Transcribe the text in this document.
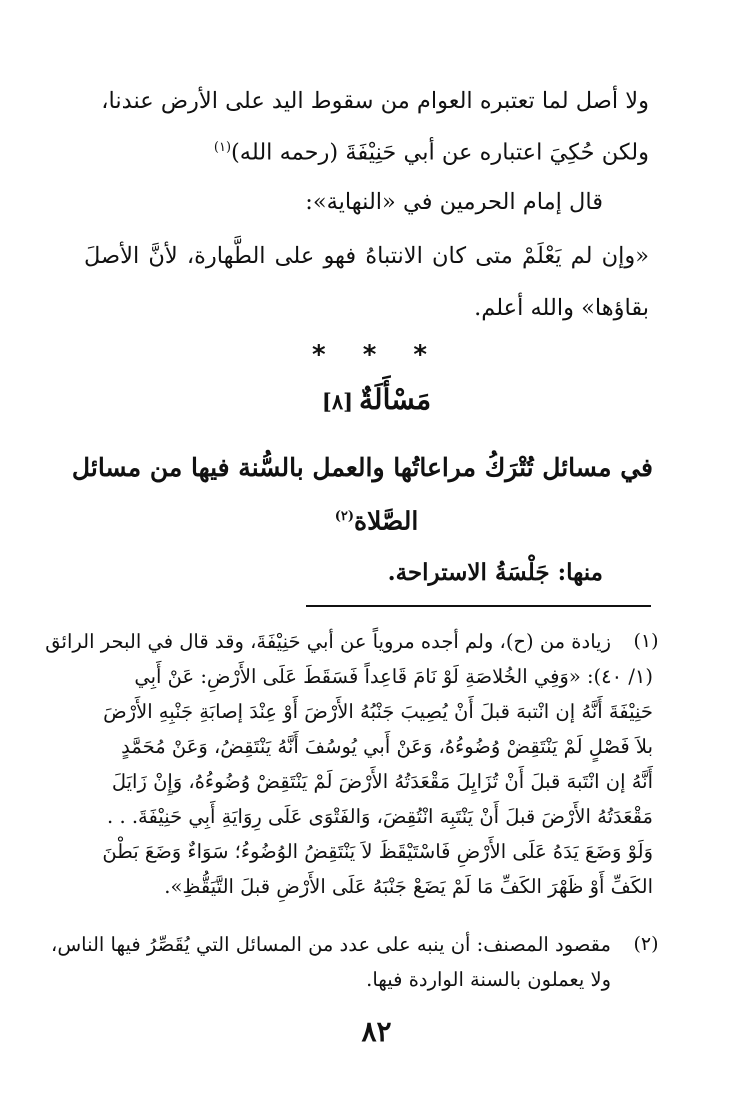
ولا أصل لما تعتبره العوام من سقوط اليد على الأرض عندنا،

ولكن حُكِيَ اعتباره عن أبي حَنِيْفَةَ (رحمه الله)$^{(١)}$

قال إمام الحرمين في «النهاية»:

«وإن لم يَعْلَمْ متى كان الانتباهُ فهو على الطَّهارة، لأنَّ الأصلَ

بقاؤها» والله أعلم.

* * *
مَسْأَلَةٌ[٨]

في مسائل تُتْرَكُ مراعاتُها والعمل بالسُّنة فيها من مسائل

الصَّلاة$^{(٢)}$

منها: جَلْسَةُ الاستراحة.

(١)

زيادة من (ح)، ولم أجده مروياً عن أبي حَنِيْفَةَ، وقد قال في البحر الرائق

(١/ ٤٠): «وَفِي الخُلاصَةِ لَوْ نَامَ قَاعِداً فَسَقَطَ عَلَى الأَرْضِ: عَنْ أَبِي

حَنِيْفَةَ أَنَّهُ إن انْتبهَ قبلَ أَنْ يُصِيبَ جَنْبُهُ الأَرْضَ أَوْ عِنْدَ إصابَةِ جَنْبِهِ الأَرْضَ

بلاَ فَصْلٍ لَمْ يَنْتَقِضْ وُضُوءُهُ، وَعَنْ أَبي يُوسُفَ أَنَّهُ يَنْتَقِضُ، وَعَنْ مُحَمَّدٍ

أَنَّهُ إن انْتَبهَ قبلَ أَنْ تُزَايِلَ مَقْعَدَتُهُ الأَرْضَ لَمْ يَنْتَقِضْ وُضُوءُهُ، وَإِنْ زَايَلَ

مَقْعَدَتُهُ الأَرْضَ قبلَ أَنْ يَنْتَبِهَ انْتُقِضَ، وَالفَتْوَى عَلَى رِوَايَةِ أَبِي حَنِيْفَةَ. . .

وَلَوْ وَضَعَ يَدَهُ عَلَى الأَرْضِ فَاسْتَيْقَظَ لاَ يَنْتَقِضُ الوُضُوءُ؛ سَوَاءٌ وَضَعَ بَطْنَ

الكَفِّ أَوْ ظَهْرَ الكَفِّ مَا لَمْ يَضَعْ جَنْبَهُ عَلَى الأَرْضِ قبلَ التَّيَقُّظِ».

(٢)

مقصود المصنف: أن ينبه على عدد من المسائل التي يُقَصِّرُ فيها الناس،

ولا يعملون بالسنة الواردة فيها.

٨٢
